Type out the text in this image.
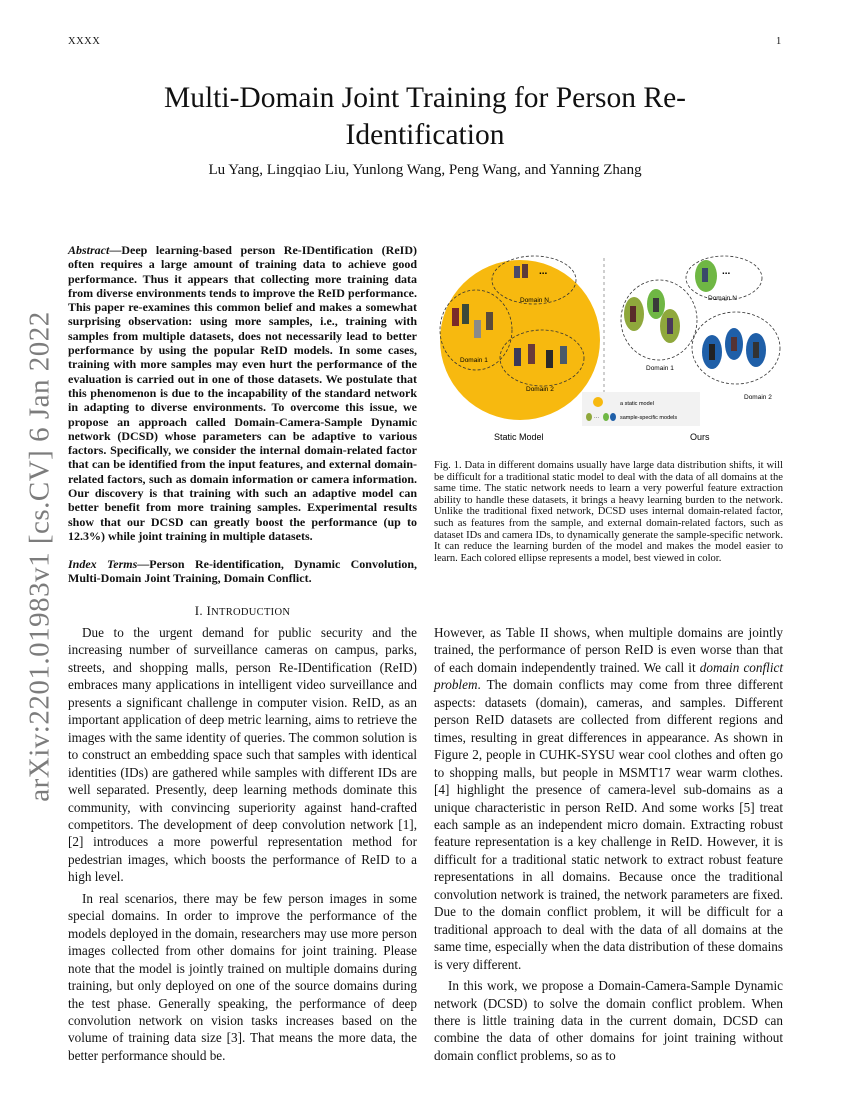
XXXX	1
arXiv:2201.01983v1 [cs.CV] 6 Jan 2022
Multi-Domain Joint Training for Person Re-Identification
Lu Yang, Lingqiao Liu, Yunlong Wang, Peng Wang, and Yanning Zhang
Abstract—Deep learning-based person Re-IDentification (ReID) often requires a large amount of training data to achieve good performance. Thus it appears that collecting more training data from diverse environments tends to improve the ReID performance. This paper re-examines this common belief and makes a somewhat surprising observation: using more samples, i.e., training with samples from multiple datasets, does not necessarily lead to better performance by using the popular ReID models. In some cases, training with more samples may even hurt the performance of the evaluation is carried out in one of those datasets. We postulate that this phenomenon is due to the incapability of the standard network in adapting to diverse environments. To overcome this issue, we propose an approach called Domain-Camera-Sample Dynamic network (DCSD) whose parameters can be adaptive to various factors. Specifically, we consider the internal domain-related factor that can be identified from the input features, and external domain-related factors, such as domain information or camera information. Our discovery is that training with such an adaptive model can better benefit from more training samples. Experimental results show that our DCSD can greatly boost the performance (up to 12.3%) while joint training in multiple datasets.
Index Terms—Person Re-identification, Dynamic Convolution, Multi-Domain Joint Training, Domain Conflict.
I. INTRODUCTION

Due to the urgent demand for public security and the increasing number of surveillance cameras on campus, parks, streets, and shopping malls, person Re-IDentification (ReID) embraces many applications in intelligent video surveillance and presents a significant challenge in computer vision. ReID, as an important application of deep metric learning, aims to retrieve the images with the same identity of queries. The common solution is to construct an embedding space such that samples with identical identities (IDs) are gathered while samples with different IDs are well separated. Presently, deep learning methods dominate this community, with convincing superiority against hand-crafted competitors. The development of deep convolution network [1], [2] introduces a more powerful representation method for pedestrian images, which boosts the performance of ReID to a high level.

In real scenarios, there may be few person images in some special domains. In order to improve the performance of the models deployed in the domain, researchers may use more person images collected from other domains for joint training. Please note that the model is jointly trained on multiple domains during training, but only deployed on one of the source domains during the test phase. Generally speaking, the performance of deep convolution network on vision tasks increases based on the volume of training data size [3]. That means the more data, the better performance should be.

However, as Table II shows, when multiple domains are jointly trained, the performance of person ReID is even worse than that of each domain independently trained. We call it domain conflict problem. The domain conflicts may come from three different aspects: datasets (domain), cameras, and samples. Different person ReID datasets are collected from different regions and times, resulting in great differences in appearance. As shown in Figure 2, people in CUHK-SYSU wear cool clothes and often go to shopping malls, but people in MSMT17 wear warm clothes. [4] highlight the presence of camera-level sub-domains as a unique characteristic in person ReID. And some works [5] treat each sample as an independent micro domain. Extracting robust feature representation is a key challenge in ReID. However, it is difficult for a traditional static network to extract robust feature representations in all domains. Because once the traditional convolution network is trained, the network parameters are fixed. Due to the domain conflict problem, it will be difficult for a traditional approach to deal with the data of all domains at the same time, especially when the data distribution of these domains is very different.

In this work, we propose a Domain-Camera-Sample Dynamic network (DCSD) to solve the domain conflict problem. When there is little training data in the current domain, DCSD can combine the data of other domains for joint training without domain conflict problems, so as to

...
Domain N
Domain 1
Domain 2
...
Domain N
Domain 1
Domain 2
a static model
···	sample-specific models
Static Model	Ours
Fig. 1. Data in different domains usually have large data distribution shifts, it will be difficult for a traditional static model to deal with the data of all domains at the same time. The static network needs to learn a very powerful feature extraction ability to handle these datasets, it brings a heavy learning burden to the network. Unlike the traditional fixed network, DCSD uses internal domain-related factor, such as features from the sample, and external domain-related factors, such as dataset IDs and camera IDs, to dynamically generate the sample-specific network. It can reduce the learning burden of the model and makes the model easier to learn. Each colored ellipse represents a model, best viewed in color.
